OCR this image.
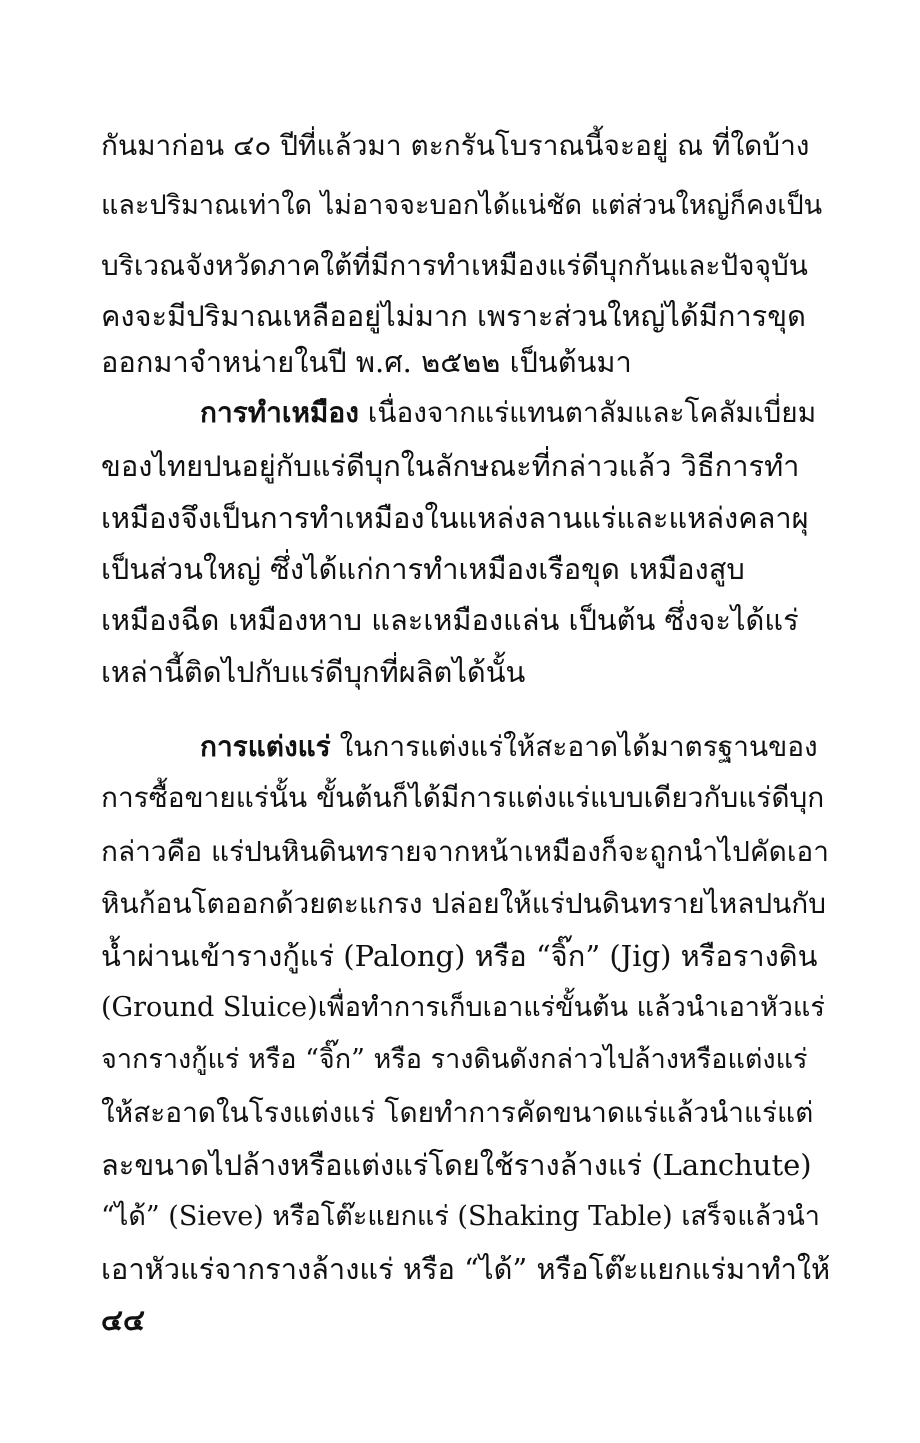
กันมาก่อน ๔๐ ปีที่แล้วมา ตะกรันโบราณนี้จะอยู่ ณ ที่ใดบ้าง
และปริมาณเท่าใด ไม่อาจจะบอกได้แน่ชัด แต่ส่วนใหญ่ก็คงเป็น
บริเวณจังหวัดภาคใต้ที่มีการทำเหมืองแร่ดีบุกกันและปัจจุบัน
คงจะมีปริมาณเหลืออยู่ไม่มาก เพราะส่วนใหญ่ได้มีการขุด
ออกมาจำหน่ายในปี พ.ศ. ๒๕๒๒ เป็นต้นมา
การทำเหมือง เนื่องจากแร่แทนตาลัมและโคลัมเบี่ยม
ของไทยปนอยู่กับแร่ดีบุกในลักษณะที่กล่าวแล้ว วิธีการทำ
เหมืองจึงเป็นการทำเหมืองในแหล่งลานแร่และแหล่งคลาผุ
เป็นส่วนใหญ่ ซึ่งได้แก่การทำเหมืองเรือขุด เหมืองสูบ
เหมืองฉีด เหมืองหาบ และเหมืองแล่น เป็นต้น ซึ่งจะได้แร่
เหล่านี้ติดไปกับแร่ดีบุกที่ผลิตได้นั้น
การแต่งแร่ ในการแต่งแร่ให้สะอาดได้มาตรฐานของ
การซื้อขายแร่นั้น ขั้นต้นก็ได้มีการแต่งแร่แบบเดียวกับแร่ดีบุก
กล่าวคือ แร่ปนหินดินทรายจากหน้าเหมืองก็จะถูกนำไปคัดเอา
หินก้อนโตออกด้วยตะแกรง ปล่อยให้แร่ปนดินทรายไหลปนกับ
น้ำผ่านเข้ารางกู้แร่ (Palong) หรือ “จิ๊ก” (Jig) หรือรางดิน
(Ground Sluice)เพื่อทำการเก็บเอาแร่ขั้นต้น แล้วนำเอาหัวแร่
จากรางกู้แร่ หรือ “จิ๊ก” หรือ รางดินดังกล่าวไปล้างหรือแต่งแร่
ให้สะอาดในโรงแต่งแร่ โดยทำการคัดขนาดแร่แล้วนำแร่แต่
ละขนาดไปล้างหรือแต่งแร่โดยใช้รางล้างแร่ (Lanchute)
“ได้” (Sieve) หรือโต๊ะแยกแร่ (Shaking Table) เสร็จแล้วนำ
เอาหัวแร่จากรางล้างแร่ หรือ “ได้” หรือโต๊ะแยกแร่มาทำให้
๔๔
